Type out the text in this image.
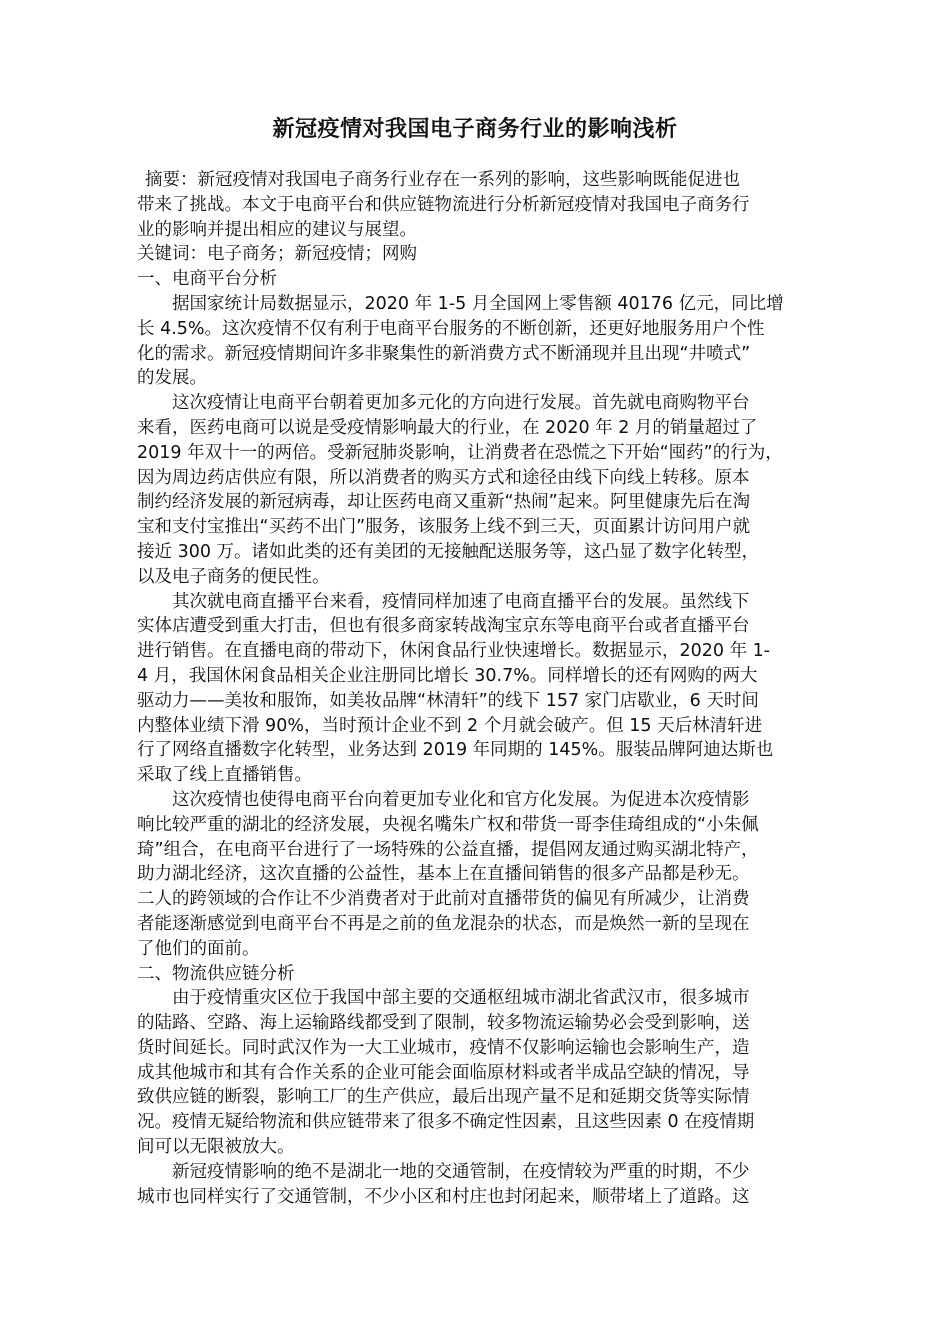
新冠疫情对我国电子商务行业的影响浅析
摘要：新冠疫情对我国电子商务行业存在一系列的影响，这些影响既能促进也
带来了挑战。本文于电商平台和供应链物流进行分析新冠疫情对我国电子商务行
业的影响并提出相应的建议与展望。
关键词：电子商务；新冠疫情；网购
一、电商平台分析
据国家统计局数据显示，2020 年 1-5 月全国网上零售额 40176 亿元，同比增
长 4.5%。这次疫情不仅有利于电商平台服务的不断创新，还更好地服务用户个性
化的需求。新冠疫情期间许多非聚集性的新消费方式不断涌现并且出现“井喷式”
的发展。
这次疫情让电商平台朝着更加多元化的方向进行发展。首先就电商购物平台
来看，医药电商可以说是受疫情影响最大的行业，在 2020 年 2 月的销量超过了
2019 年双十一的两倍。受新冠肺炎影响，让消费者在恐慌之下开始“囤药”的行为，
因为周边药店供应有限，所以消费者的购买方式和途径由线下向线上转移。原本
制约经济发展的新冠病毒，却让医药电商又重新“热闹”起来。阿里健康先后在淘
宝和支付宝推出“买药不出门”服务，该服务上线不到三天，页面累计访问用户就
接近 300 万。诸如此类的还有美团的无接触配送服务等，这凸显了数字化转型，
以及电子商务的便民性。
其次就电商直播平台来看，疫情同样加速了电商直播平台的发展。虽然线下
实体店遭受到重大打击，但也有很多商家转战淘宝京东等电商平台或者直播平台
进行销售。在直播电商的带动下，休闲食品行业快速增长。数据显示，2020 年 1-
4 月，我国休闲食品相关企业注册同比增长 30.7%。同样增长的还有网购的两大
驱动力——美妆和服饰，如美妆品牌“林清轩”的线下 157 家门店歇业，6 天时间
内整体业绩下滑 90%，当时预计企业不到 2 个月就会破产。但 15 天后林清轩进
行了网络直播数字化转型，业务达到 2019 年同期的 145%。服装品牌阿迪达斯也
采取了线上直播销售。
这次疫情也使得电商平台向着更加专业化和官方化发展。为促进本次疫情影
响比较严重的湖北的经济发展，央视名嘴朱广权和带货一哥李佳琦组成的“小朱佩
琦”组合，在电商平台进行了一场特殊的公益直播，提倡网友通过购买湖北特产，
助力湖北经济，这次直播的公益性，基本上在直播间销售的很多产品都是秒无。
二人的跨领域的合作让不少消费者对于此前对直播带货的偏见有所减少，让消费
者能逐渐感觉到电商平台不再是之前的鱼龙混杂的状态，而是焕然一新的呈现在
了他们的面前。
二、物流供应链分析
由于疫情重灾区位于我国中部主要的交通枢纽城市湖北省武汉市，很多城市
的陆路、空路、海上运输路线都受到了限制，较多物流运输势必会受到影响，送
货时间延长。同时武汉作为一大工业城市，疫情不仅影响运输也会影响生产，造
成其他城市和其有合作关系的企业可能会面临原材料或者半成品空缺的情况，导
致供应链的断裂，影响工厂的生产供应，最后出现产量不足和延期交货等实际情
况。疫情无疑给物流和供应链带来了很多不确定性因素，且这些因素 0 在疫情期
间可以无限被放大。
新冠疫情影响的绝不是湖北一地的交通管制，在疫情较为严重的时期，不少
城市也同样实行了交通管制，不少小区和村庄也封闭起来，顺带堵上了道路。这
